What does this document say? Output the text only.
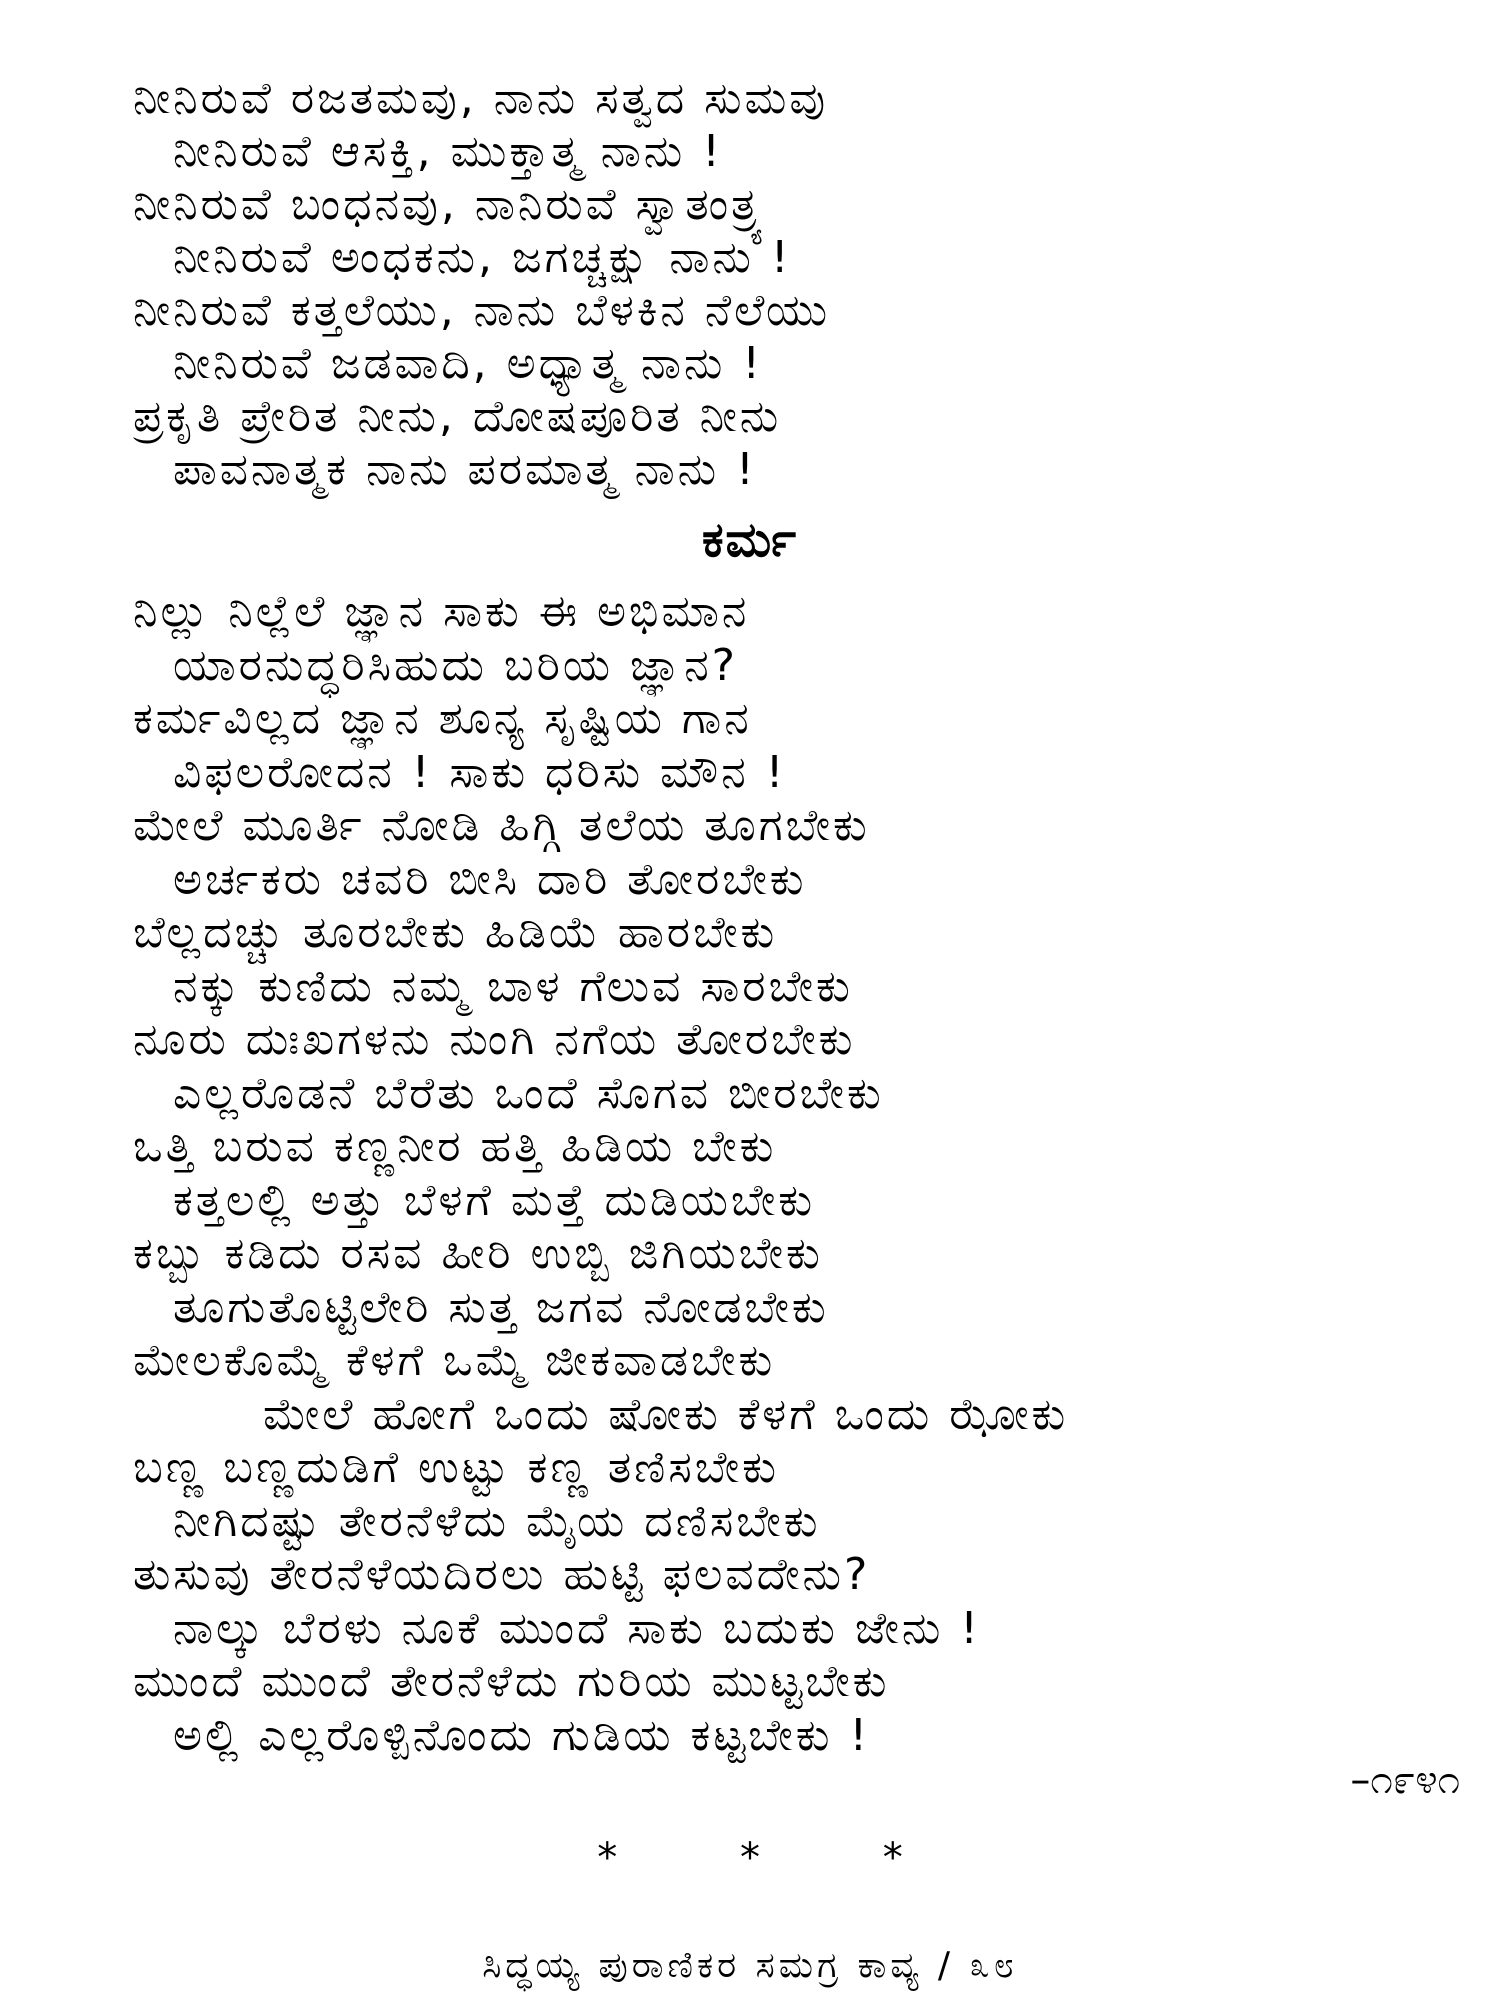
ನೀನಿರುವೆ ರಜತಮವು, ನಾನು ಸತ್ವದ ಸುಮವು
ನೀನಿರುವೆ ಆಸಕ್ತಿ, ಮುಕ್ತಾತ್ಮ ನಾನು !
ನೀನಿರುವೆ ಬಂಧನವು, ನಾನಿರುವೆ ಸ್ವಾತಂತ್ರ್ಯ
ನೀನಿರುವೆ ಅಂಧಕನು, ಜಗಚ್ಚಕ್ಷು ನಾನು !
ನೀನಿರುವೆ ಕತ್ತಲೆಯು, ನಾನು ಬೆಳಕಿನ ನೆಲೆಯು
ನೀನಿರುವೆ ಜಡವಾದಿ, ಅಧ್ಯಾತ್ಮ ನಾನು !
ಪ್ರಕೃತಿ ಪ್ರೇರಿತ ನೀನು, ದೋಷಪೂರಿತ ನೀನು
ಪಾವನಾತ್ಮಕ ನಾನು ಪರಮಾತ್ಮ ನಾನು !
ಕರ್ಮ
ನಿಲ್ಲು ನಿಲ್ಲೆಲೆ ಜ್ಞಾನ ಸಾಕು ಈ ಅಭಿಮಾನ
ಯಾರನುದ್ಧರಿಸಿಹುದು ಬರಿಯ ಜ್ಞಾನ?
ಕರ್ಮವಿಲ್ಲದ ಜ್ಞಾನ ಶೂನ್ಯ ಸೃಷ್ಟಿಯ ಗಾನ
ವಿಫಲರೋದನ ! ಸಾಕು ಧರಿಸು ಮೌನ !
ಮೇಲೆ ಮೂರ್ತಿ ನೋಡಿ ಹಿಗ್ಗಿ ತಲೆಯ ತೂಗಬೇಕು
ಅರ್ಚಕರು ಚವರಿ ಬೀಸಿ ದಾರಿ ತೋರಬೇಕು
ಬೆಲ್ಲದಚ್ಚು ತೂರಬೇಕು ಹಿಡಿಯೆ ಹಾರಬೇಕು
ನಕ್ಕು ಕುಣಿದು ನಮ್ಮ ಬಾಳ ಗೆಲುವ ಸಾರಬೇಕು
ನೂರು ದುಃಖಗಳನು ನುಂಗಿ ನಗೆಯ ತೋರಬೇಕು
ಎಲ್ಲರೊಡನೆ ಬೆರೆತು ಒಂದೆ ಸೊಗವ ಬೀರಬೇಕು
ಒತ್ತಿ ಬರುವ ಕಣ್ಣನೀರ ಹತ್ತಿ ಹಿಡಿಯ ಬೇಕು
ಕತ್ತಲಲ್ಲಿ ಅತ್ತು ಬೆಳಗೆ ಮತ್ತೆ ದುಡಿಯಬೇಕು
ಕಬ್ಬು ಕಡಿದು ರಸವ ಹೀರಿ ಉಬ್ಬಿ ಜಿಗಿಯಬೇಕು
ತೂಗುತೊಟ್ಟಿಲೇರಿ ಸುತ್ತ ಜಗವ ನೋಡಬೇಕು
ಮೇಲಕೊಮ್ಮೆ ಕೆಳಗೆ ಒಮ್ಮೆ ಜೀಕವಾಡಬೇಕು
ಮೇಲೆ ಹೋಗೆ ಒಂದು ಷೋಕು ಕೆಳಗೆ ಒಂದು ಝೋಕು
ಬಣ್ಣ ಬಣ್ಣದುಡಿಗೆ ಉಟ್ಟು ಕಣ್ಣ ತಣಿಸಬೇಕು
ನೀಗಿದಷ್ಟು ತೇರನೆಳೆದು ಮೈಯ ದಣಿಸಬೇಕು
ತುಸುವು ತೇರನೆಳೆಯದಿರಲು ಹುಟ್ಟಿ ಫಲವದೇನು?
ನಾಲ್ಕು ಬೆರಳು ನೂಕೆ ಮುಂದೆ ಸಾಕು ಬದುಕು ಜೇನು !
ಮುಂದೆ ಮುಂದೆ ತೇರನೆಳೆದು ಗುರಿಯ ಮುಟ್ಟಬೇಕು
ಅಲ್ಲಿ ಎಲ್ಲರೊಳ್ಪಿನೊಂದು ಗುಡಿಯ ಕಟ್ಟಬೇಕು !
–೧೯೪೧
*	*	*
ಸಿದ್ಧಯ್ಯ ಪುರಾಣಿಕರ ಸಮಗ್ರ ಕಾವ್ಯ / ೩೮
